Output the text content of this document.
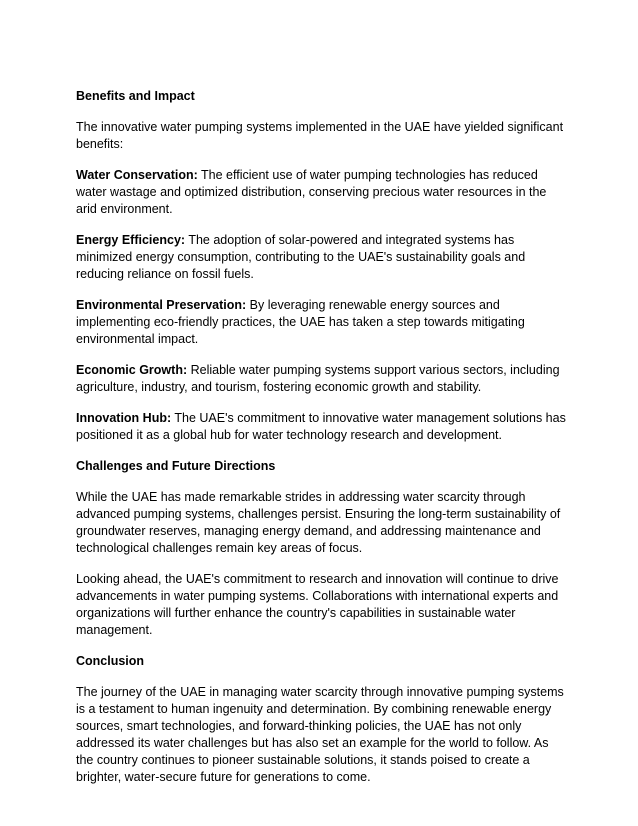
Benefits and Impact

The innovative water pumping systems implemented in the UAE have yielded significant benefits:

Water Conservation: The efficient use of water pumping technologies has reduced water wastage and optimized distribution, conserving precious water resources in the arid environment.

Energy Efficiency: The adoption of solar-powered and integrated systems has minimized energy consumption, contributing to the UAE's sustainability goals and reducing reliance on fossil fuels.

Environmental Preservation: By leveraging renewable energy sources and implementing eco-friendly practices, the UAE has taken a step towards mitigating environmental impact.

Economic Growth: Reliable water pumping systems support various sectors, including agriculture, industry, and tourism, fostering economic growth and stability.

Innovation Hub: The UAE's commitment to innovative water management solutions has positioned it as a global hub for water technology research and development.

Challenges and Future Directions

While the UAE has made remarkable strides in addressing water scarcity through advanced pumping systems, challenges persist. Ensuring the long-term sustainability of groundwater reserves, managing energy demand, and addressing maintenance and technological challenges remain key areas of focus.

Looking ahead, the UAE's commitment to research and innovation will continue to drive advancements in water pumping systems. Collaborations with international experts and organizations will further enhance the country's capabilities in sustainable water management.

Conclusion

The journey of the UAE in managing water scarcity through innovative pumping systems is a testament to human ingenuity and determination. By combining renewable energy sources, smart technologies, and forward-thinking policies, the UAE has not only addressed its water challenges but has also set an example for the world to follow. As the country continues to pioneer sustainable solutions, it stands poised to create a brighter, water-secure future for generations to come.
